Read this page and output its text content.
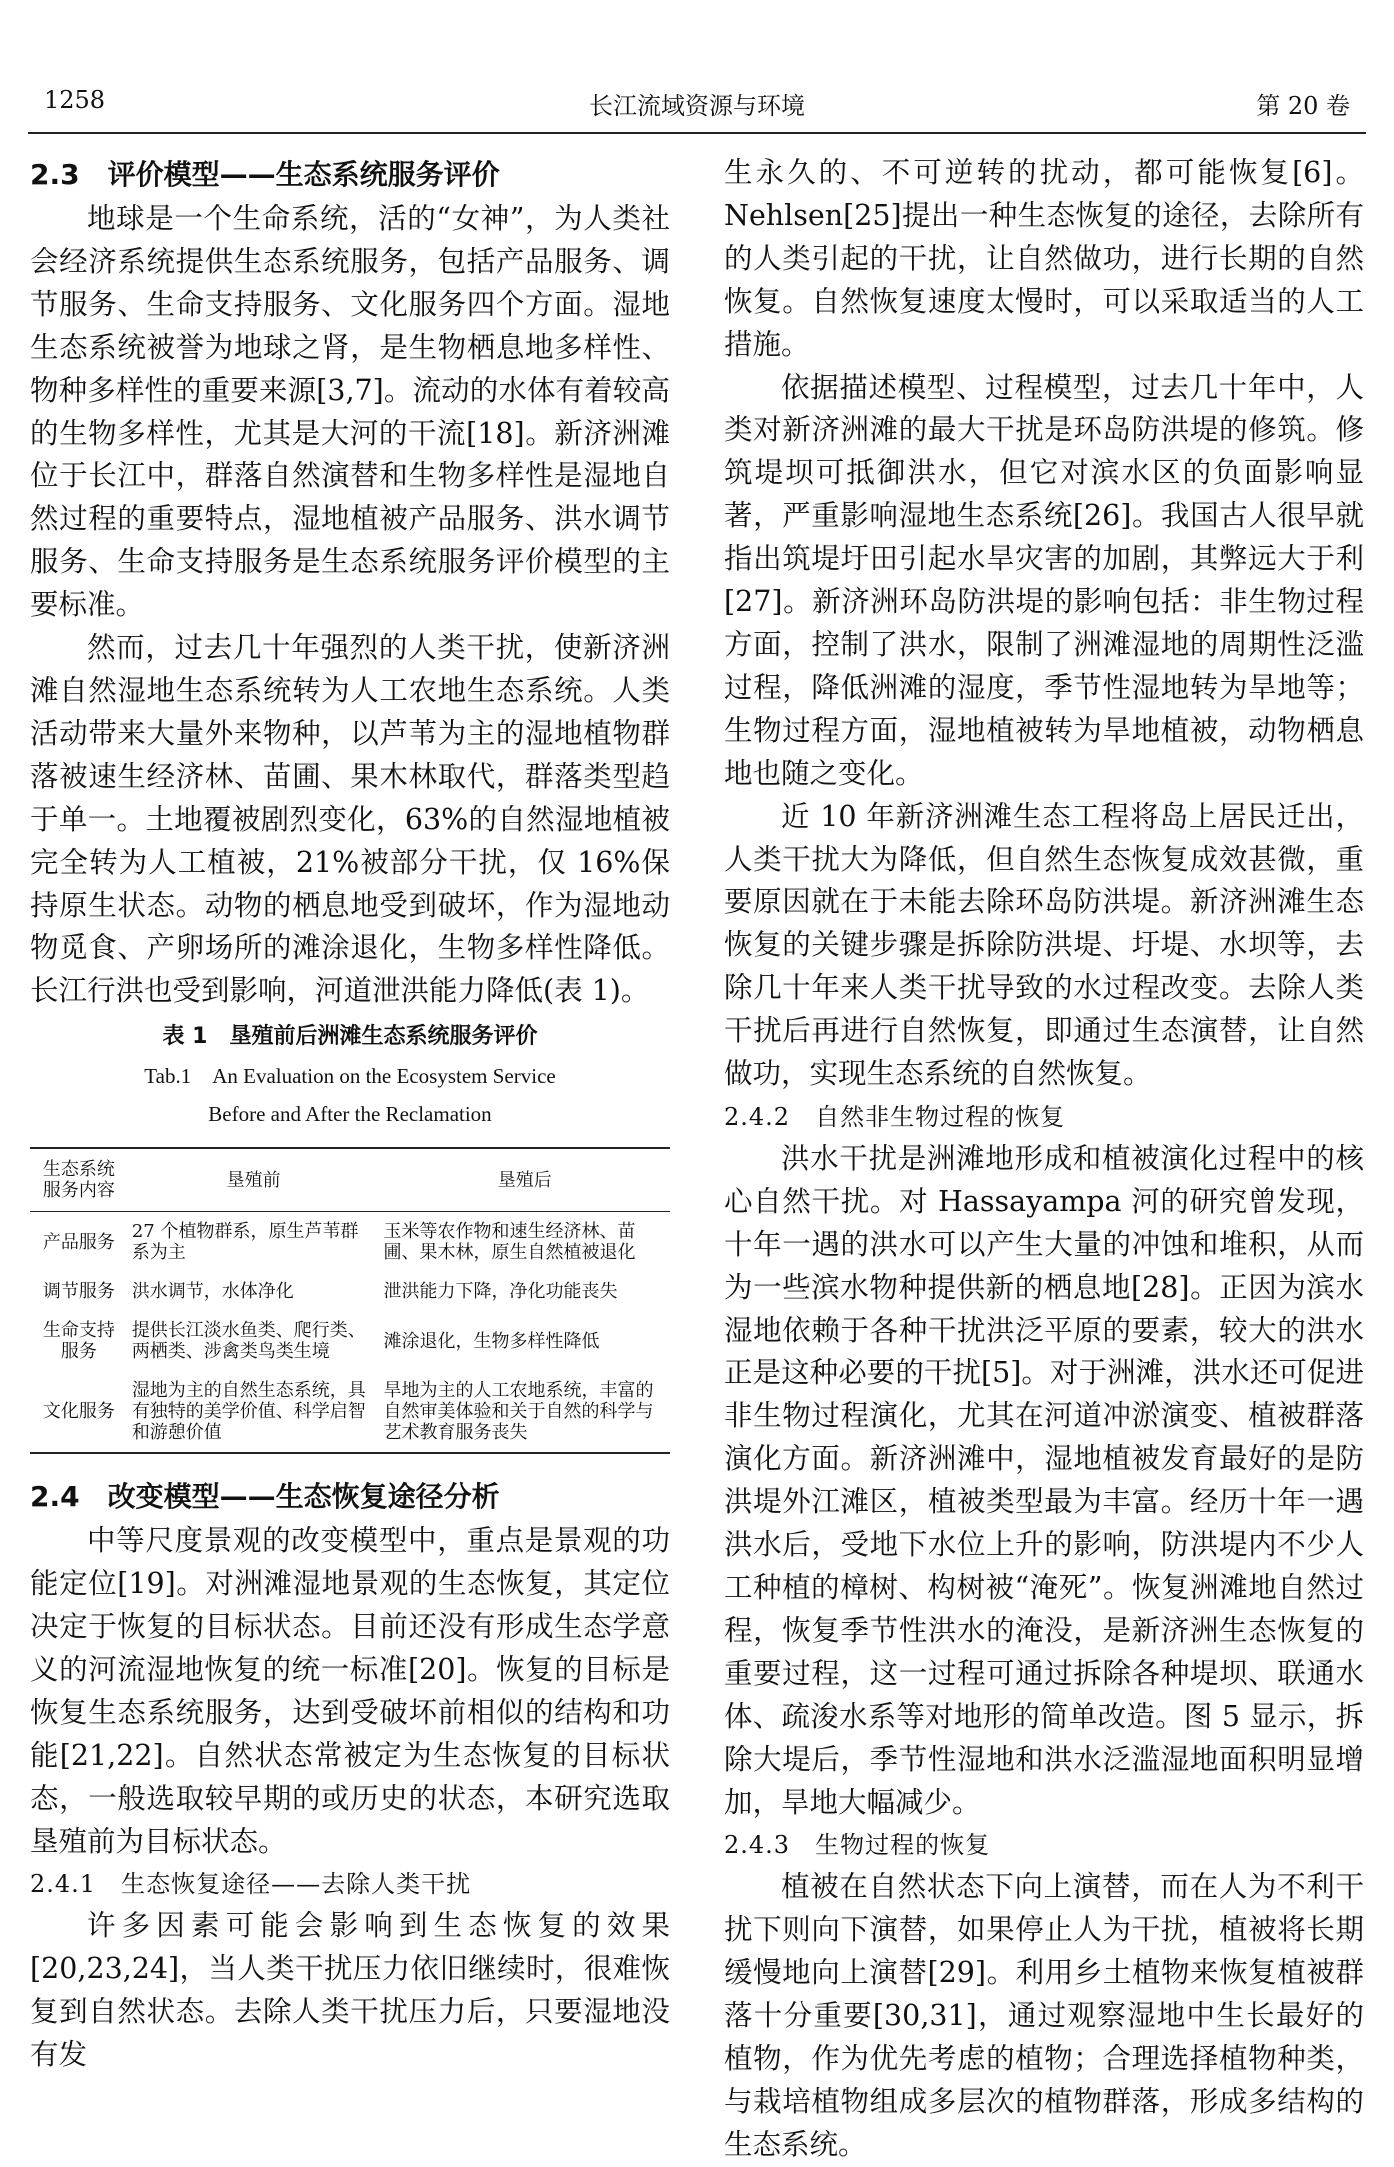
1258	长江流域资源与环境	第 20 卷

2.3　评价模型——生态系统服务评价

地球是一个生命系统，活的“女神”，为人类社会经济系统提供生态系统服务，包括产品服务、调节服务、生命支持服务、文化服务四个方面。湿地生态系统被誉为地球之肾，是生物栖息地多样性、物种多样性的重要来源[3,7]。流动的水体有着较高的生物多样性，尤其是大河的干流[18]。新济洲滩位于长江中，群落自然演替和生物多样性是湿地自然过程的重要特点，湿地植被产品服务、洪水调节服务、生命支持服务是生态系统服务评价模型的主要标准。

然而，过去几十年强烈的人类干扰，使新济洲滩自然湿地生态系统转为人工农地生态系统。人类活动带来大量外来物种，以芦苇为主的湿地植物群落被速生经济林、苗圃、果木林取代，群落类型趋于单一。土地覆被剧烈变化，63%的自然湿地植被完全转为人工植被，21%被部分干扰，仅 16%保持原生状态。动物的栖息地受到破坏，作为湿地动物觅食、产卵场所的滩涂退化，生物多样性降低。长江行洪也受到影响，河道泄洪能力降低(表 1)。

表 1　垦殖前后洲滩生态系统服务评价

Tab.1　An Evaluation on the Ecosystem Service

Before and After the Reclamation

生态系统服务内容	垦殖前	垦殖后
产品服务	27 个植物群系，原生芦苇群系为主	玉米等农作物和速生经济林、苗圃、果木林，原生自然植被退化
调节服务	洪水调节，水体净化	泄洪能力下降，净化功能丧失
生命支持服务	提供长江淡水鱼类、爬行类、两栖类、涉禽类鸟类生境	滩涂退化，生物多样性降低
文化服务	湿地为主的自然生态系统，具有独特的美学价值、科学启智和游憩价值	旱地为主的人工农地系统，丰富的自然审美体验和关于自然的科学与艺术教育服务丧失

2.4　改变模型——生态恢复途径分析

中等尺度景观的改变模型中，重点是景观的功能定位[19]。对洲滩湿地景观的生态恢复，其定位决定于恢复的目标状态。目前还没有形成生态学意义的河流湿地恢复的统一标准[20]。恢复的目标是恢复生态系统服务，达到受破坏前相似的结构和功能[21,22]。自然状态常被定为生态恢复的目标状态，一般选取较早期的或历史的状态，本研究选取垦殖前为目标状态。

2.4.1　生态恢复途径——去除人类干扰

许多因素可能会影响到生态恢复的效果[20,23,24]，当人类干扰压力依旧继续时，很难恢复到自然状态。去除人类干扰压力后，只要湿地没有发

生永久的、不可逆转的扰动，都可能恢复[6]。Nehlsen[25]提出一种生态恢复的途径，去除所有的人类引起的干扰，让自然做功，进行长期的自然恢复。自然恢复速度太慢时，可以采取适当的人工措施。

依据描述模型、过程模型，过去几十年中，人类对新济洲滩的最大干扰是环岛防洪堤的修筑。修筑堤坝可抵御洪水，但它对滨水区的负面影响显著，严重影响湿地生态系统[26]。我国古人很早就指出筑堤圩田引起水旱灾害的加剧，其弊远大于利[27]。新济洲环岛防洪堤的影响包括：非生物过程方面，控制了洪水，限制了洲滩湿地的周期性泛滥过程，降低洲滩的湿度，季节性湿地转为旱地等；生物过程方面，湿地植被转为旱地植被，动物栖息地也随之变化。

近 10 年新济洲滩生态工程将岛上居民迁出，人类干扰大为降低，但自然生态恢复成效甚微，重要原因就在于未能去除环岛防洪堤。新济洲滩生态恢复的关键步骤是拆除防洪堤、圩堤、水坝等，去除几十年来人类干扰导致的水过程改变。去除人类干扰后再进行自然恢复，即通过生态演替，让自然做功，实现生态系统的自然恢复。

2.4.2　自然非生物过程的恢复

洪水干扰是洲滩地形成和植被演化过程中的核心自然干扰。对 Hassayampa 河的研究曾发现，十年一遇的洪水可以产生大量的冲蚀和堆积，从而为一些滨水物种提供新的栖息地[28]。正因为滨水湿地依赖于各种干扰洪泛平原的要素，较大的洪水正是这种必要的干扰[5]。对于洲滩，洪水还可促进非生物过程演化，尤其在河道冲淤演变、植被群落演化方面。新济洲滩中，湿地植被发育最好的是防洪堤外江滩区，植被类型最为丰富。经历十年一遇洪水后，受地下水位上升的影响，防洪堤内不少人工种植的樟树、构树被“淹死”。恢复洲滩地自然过程，恢复季节性洪水的淹没，是新济洲生态恢复的重要过程，这一过程可通过拆除各种堤坝、联通水体、疏浚水系等对地形的简单改造。图 5 显示，拆除大堤后，季节性湿地和洪水泛滥湿地面积明显增加，旱地大幅减少。

2.4.3　生物过程的恢复

植被在自然状态下向上演替，而在人为不利干扰下则向下演替，如果停止人为干扰，植被将长期缓慢地向上演替[29]。利用乡土植物来恢复植被群落十分重要[30,31]，通过观察湿地中生长最好的植物，作为优先考虑的植物；合理选择植物种类，与栽培植物组成多层次的植物群落，形成多结构的生态系统。
